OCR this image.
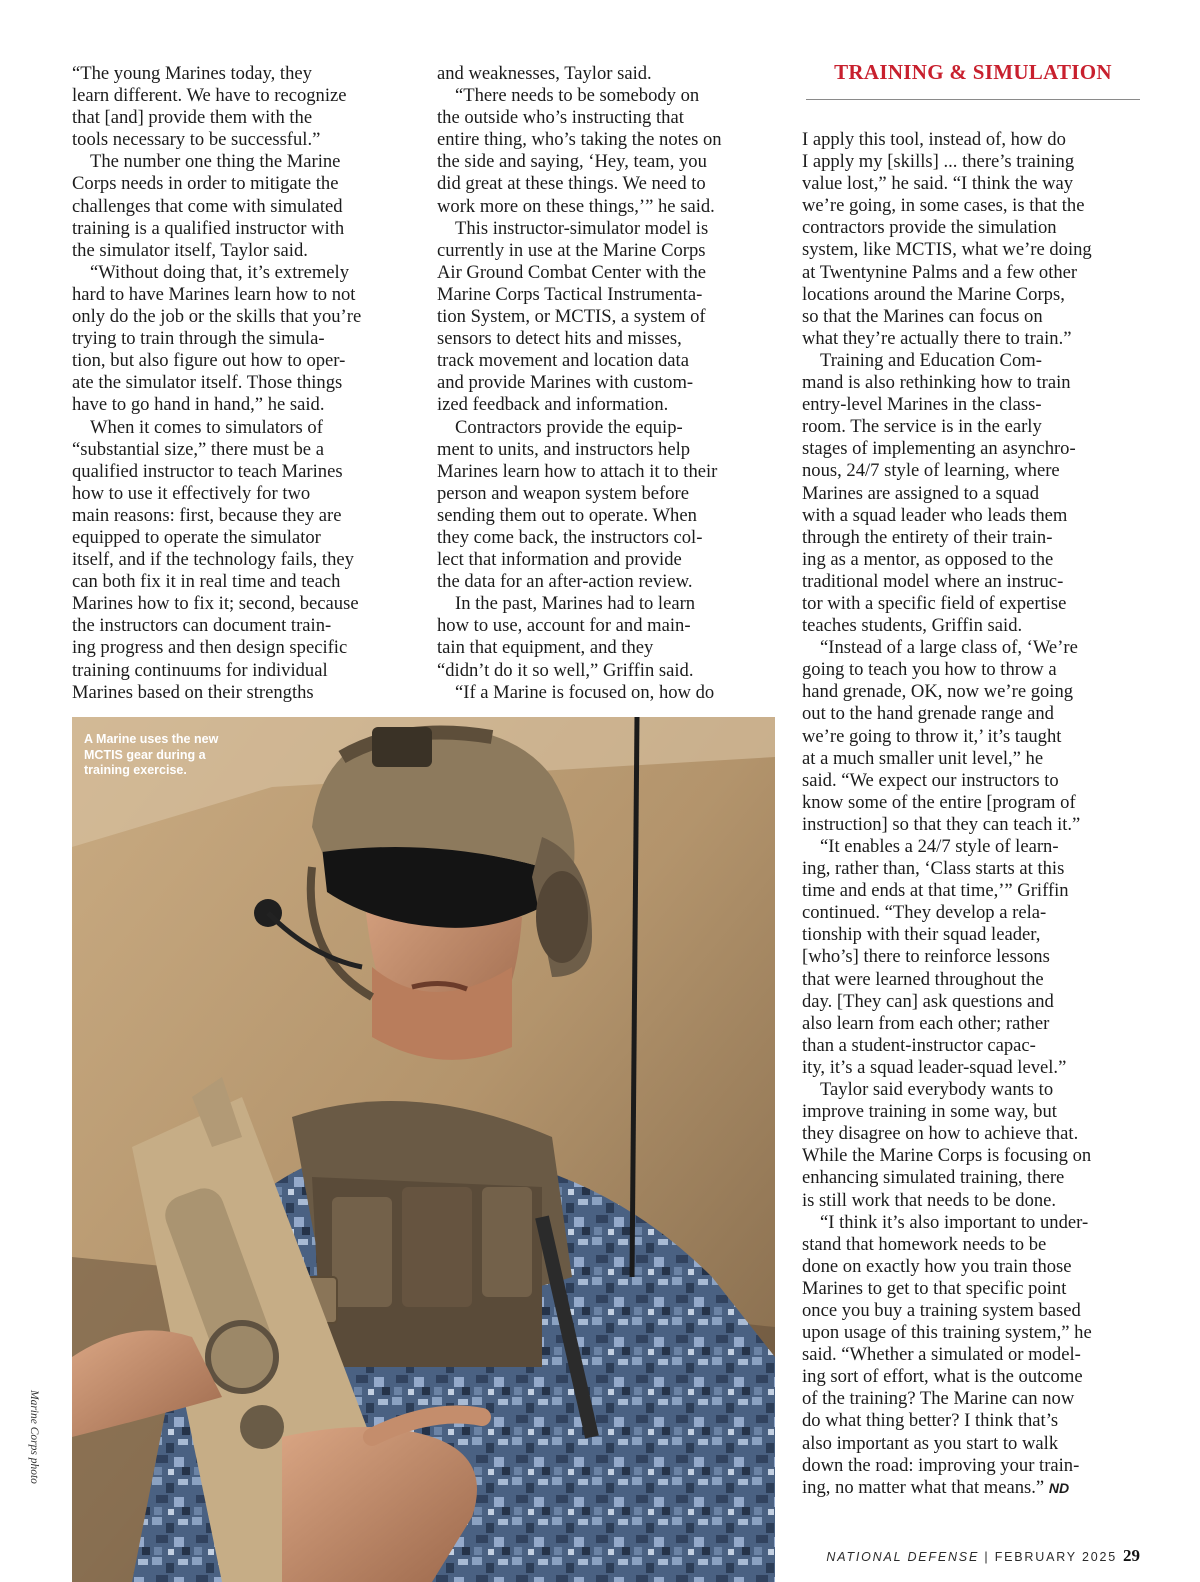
TRAINING & SIMULATION
“The young Marines today, they
learn different. We have to recognize
that [and] provide them with the
tools necessary to be successful.”
The number one thing the Marine
Corps needs in order to mitigate the
challenges that come with simulated
training is a qualified instructor with
the simulator itself, Taylor said.
“Without doing that, it’s extremely
hard to have Marines learn how to not
only do the job or the skills that you’re
trying to train through the simula-
tion, but also figure out how to oper-
ate the simulator itself. Those things
have to go hand in hand,” he said.
When it comes to simulators of
“substantial size,” there must be a
qualified instructor to teach Marines
how to use it effectively for two
main reasons: first, because they are
equipped to operate the simulator
itself, and if the technology fails, they
can both fix it in real time and teach
Marines how to fix it; second, because
the instructors can document train-
ing progress and then design specific
training continuums for individual
Marines based on their strengths
and weaknesses, Taylor said.
“There needs to be somebody on
the outside who’s instructing that
entire thing, who’s taking the notes on
the side and saying, ‘Hey, team, you
did great at these things. We need to
work more on these things,’” he said.
This instructor-simulator model is
currently in use at the Marine Corps
Air Ground Combat Center with the
Marine Corps Tactical Instrumenta-
tion System, or MCTIS, a system of
sensors to detect hits and misses,
track movement and location data
and provide Marines with custom-
ized feedback and information.
Contractors provide the equip-
ment to units, and instructors help
Marines learn how to attach it to their
person and weapon system before
sending them out to operate. When
they come back, the instructors col-
lect that information and provide
the data for an after-action review.
In the past, Marines had to learn
how to use, account for and main-
tain that equipment, and they
“didn’t do it so well,” Griffin said.
“If a Marine is focused on, how do
I apply this tool, instead of, how do
I apply my [skills] ... there’s training
value lost,” he said. “I think the way
we’re going, in some cases, is that the
contractors provide the simulation
system, like MCTIS, what we’re doing
at Twentynine Palms and a few other
locations around the Marine Corps,
so that the Marines can focus on
what they’re actually there to train.”
Training and Education Com-
mand is also rethinking how to train
entry-level Marines in the class-
room. The service is in the early
stages of implementing an asynchro-
nous, 24/7 style of learning, where
Marines are assigned to a squad
with a squad leader who leads them
through the entirety of their train-
ing as a mentor, as opposed to the
traditional model where an instruc-
tor with a specific field of expertise
teaches students, Griffin said.
“Instead of a large class of, ‘We’re
going to teach you how to throw a
hand grenade, OK, now we’re going
out to the hand grenade range and
we’re going to throw it,’ it’s taught
at a much smaller unit level,” he
said. “We expect our instructors to
know some of the entire [program of
instruction] so that they can teach it.”
“It enables a 24/7 style of learn-
ing, rather than, ‘Class starts at this
time and ends at that time,’” Griffin
continued. “They develop a rela-
tionship with their squad leader,
[who’s] there to reinforce lessons
that were learned throughout the
day. [They can] ask questions and
also learn from each other; rather
than a student-instructor capac-
ity, it’s a squad leader-squad level.”
Taylor said everybody wants to
improve training in some way, but
they disagree on how to achieve that.
While the Marine Corps is focusing on
enhancing simulated training, there
is still work that needs to be done.
“I think it’s also important to under-
stand that homework needs to be
done on exactly how you train those
Marines to get to that specific point
once you buy a training system based
upon usage of this training system,” he
said. “Whether a simulated or model-
ing sort of effort, what is the outcome
of the training? The Marine can now
do what thing better? I think that’s
also important as you start to walk
down the road: improving your train-
ing, no matter what that means.” ND
A Marine uses the new MCTIS gear during a training exercise.
Marine Corps photo
NATIONAL DEFENSE | FEBRUARY 2025 29
